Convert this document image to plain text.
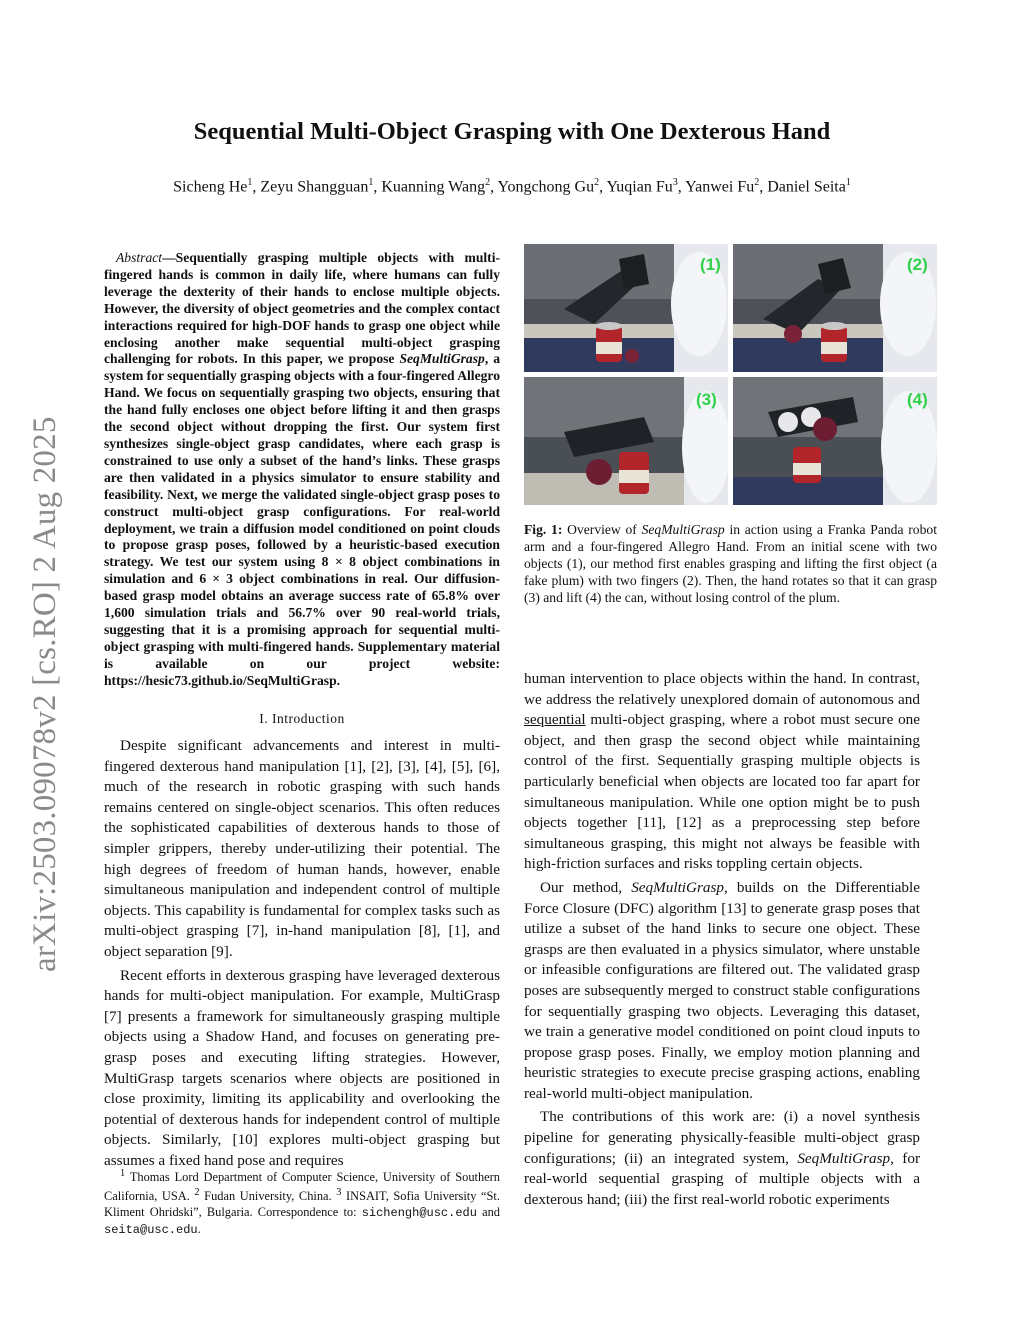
Sequential Multi-Object Grasping with One Dexterous Hand
Sicheng He$^1$, Zeyu Shangguan$^1$, Kuanning Wang$^2$, Yongchong Gu$^2$, Yuqian Fu$^3$, Yanwei Fu$^2$, Daniel Seita$^1$
arXiv:2503.09078v2 [cs.RO] 2 Aug 2025

Abstract—Sequentially grasping multiple objects with multi-fingered hands is common in daily life, where humans can fully leverage the dexterity of their hands to enclose multiple objects. However, the diversity of object geometries and the complex contact interactions required for high-DOF hands to grasp one object while enclosing another make sequential multi-object grasping challenging for robots. In this paper, we propose SeqMultiGrasp, a system for sequentially grasping objects with a four-fingered Allegro Hand. We focus on sequentially grasping two objects, ensuring that the hand fully encloses one object before lifting it and then grasps the second object without dropping the first. Our system first synthesizes single-object grasp candidates, where each grasp is constrained to use only a subset of the hand’s links. These grasps are then validated in a physics simulator to ensure stability and feasibility. Next, we merge the validated single-object grasp poses to construct multi-object grasp configurations. For real-world deployment, we train a diffusion model conditioned on point clouds to propose grasp poses, followed by a heuristic-based execution strategy. We test our system using 8 × 8 object combinations in simulation and 6 × 3 object combinations in real. Our diffusion-based grasp model obtains an average success rate of 65.8% over 1,600 simulation trials and 56.7% over 90 real-world trials, suggesting that it is a promising approach for sequential multi-object grasping with multi-fingered hands. Supplementary material is available on our project website: https://hesic73.github.io/SeqMultiGrasp.

I. Introduction

Despite significant advancements and interest in multi-fingered dexterous hand manipulation [1], [2], [3], [4], [5], [6], much of the research in robotic grasping with such hands remains centered on single-object scenarios. This often reduces the sophisticated capabilities of dexterous hands to those of simpler grippers, thereby under-utilizing their potential. The high degrees of freedom of human hands, however, enable simultaneous manipulation and independent control of multiple objects. This capability is fundamental for complex tasks such as multi-object grasping [7], in-hand manipulation [8], [1], and object separation [9].

Recent efforts in dexterous grasping have leveraged dexterous hands for multi-object manipulation. For example, MultiGrasp [7] presents a framework for simultaneously grasping multiple objects using a Shadow Hand, and focuses on generating pre-grasp poses and executing lifting strategies. However, MultiGrasp targets scenarios where objects are positioned in close proximity, limiting its applicability and overlooking the potential of dexterous hands for independent control of multiple objects. Similarly, [10] explores multi-object grasping but assumes a fixed hand pose and requires

$^1$ Thomas Lord Department of Computer Science, University of Southern California, USA. $^2$ Fudan University, China. $^3$ INSAIT, Sofia University “St. Kliment Ohridski”, Bulgaria. Correspondence to: sichengh@usc.edu and seita@usc.edu.
(1)	(2)
(3)	(4)
Fig. 1: Overview of SeqMultiGrasp in action using a Franka Panda robot arm and a four-fingered Allegro Hand. From an initial scene with two objects (1), our method first enables grasping and lifting the first object (a fake plum) with two fingers (2). Then, the hand rotates so that it can grasp (3) and lift (4) the can, without losing control of the plum.

human intervention to place objects within the hand. In contrast, we address the relatively unexplored domain of autonomous and sequential multi-object grasping, where a robot must secure one object, and then grasp the second object while maintaining control of the first. Sequentially grasping multiple objects is particularly beneficial when objects are located too far apart for simultaneous manipulation. While one option might be to push objects together [11], [12] as a preprocessing step before simultaneous grasping, this might not always be feasible with high-friction surfaces and risks toppling certain objects.

Our method, SeqMultiGrasp, builds on the Differentiable Force Closure (DFC) algorithm [13] to generate grasp poses that utilize a subset of the hand links to secure one object. These grasps are then evaluated in a physics simulator, where unstable or infeasible configurations are filtered out. The validated grasp poses are subsequently merged to construct stable configurations for sequentially grasping two objects. Leveraging this dataset, we train a generative model conditioned on point cloud inputs to propose grasp poses. Finally, we employ motion planning and heuristic strategies to execute precise grasping actions, enabling real-world multi-object manipulation.

The contributions of this work are: (i) a novel synthesis pipeline for generating physically-feasible multi-object grasp configurations; (ii) an integrated system, SeqMultiGrasp, for real-world sequential grasping of multiple objects with a dexterous hand; (iii) the first real-world robotic experiments
